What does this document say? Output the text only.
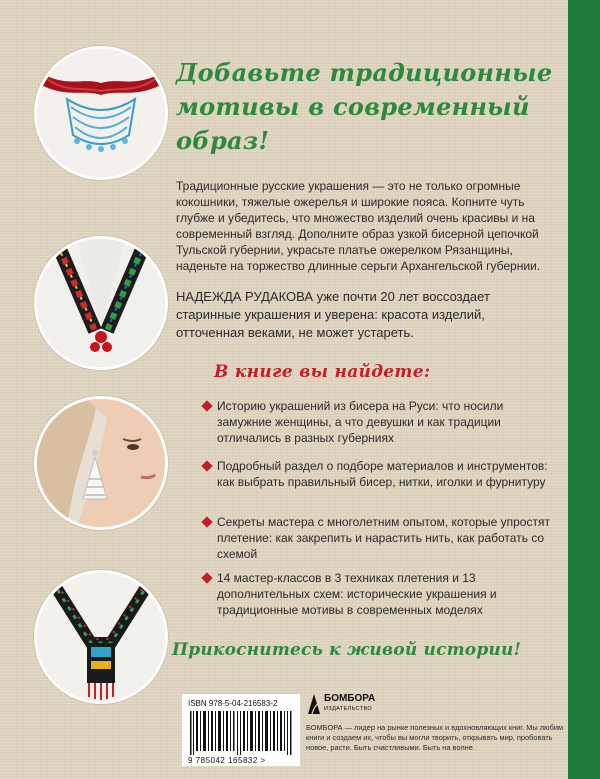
Добавьте традиционные мотивы в современный образ!
Традиционные русские украшения — это не только огромные кокошники, тяжелые ожерелья и широкие пояса. Копните чуть глубже и убедитесь, что множество изделий очень красивы и на современный взгляд. Дополните образ узкой бисерной цепочкой Тульской губернии, украсьте платье ожерелком Рязанщины, наденьте на торжество длинные серьги Архангельской губернии.
НАДЕЖДА РУДАКОВА уже почти 20 лет воссоздает старинные украшения и уверена: красота изделий, отточенная веками, не может устареть.
В книге вы найдете:
Историю украшений из бисера на Руси: что носили замужние женщины, а что девушки и как традиции отличались в разных губерниях
Подробный раздел о подборе материалов и инструментов: как выбрать правильный бисер, нитки, иголки и фурнитуру
Секреты мастера с многолетним опытом, которые упростят плетение: как закрепить и нарастить нить, как работать со схемой
14 мастер-классов в 3 техниках плетения и 13 дополнительных схем: исторические украшения и традиционные мотивы в современных моделях
Прикоснитесь к живой истории!
ISBN 978-5-04-216583-2
9 785042 165832 >
БОМБОРА
ИЗДАТЕЛЬСТВО
БОМБОРА — лидер на рынке полезных и вдохновляющих книг. Мы любим книги и создаем их, чтобы вы могли творить, открывать мир, пробовать новое, расти. Быть счастливыми. Быть на волне.
